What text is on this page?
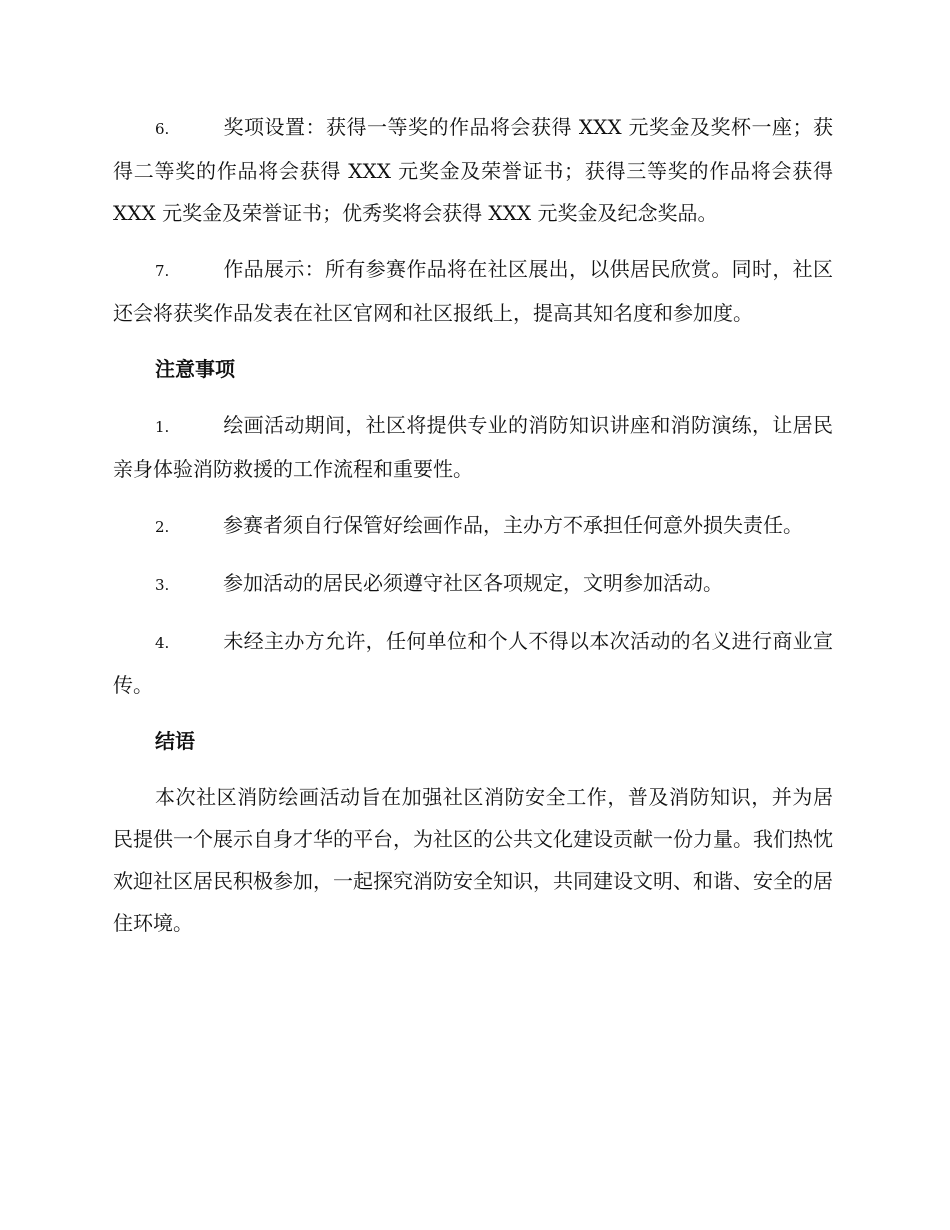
6.	奖项设置：获得一等奖的作品将会获得 XXX 元奖金及奖杯一座；获得二等奖的作品将会获得 XXX 元奖金及荣誉证书；获得三等奖的作品将会获得 XXX 元奖金及荣誉证书；优秀奖将会获得 XXX 元奖金及纪念奖品。

7.	作品展示：所有参赛作品将在社区展出，以供居民欣赏。同时，社区还会将获奖作品发表在社区官网和社区报纸上，提高其知名度和参加度。

注意事项

1.	绘画活动期间，社区将提供专业的消防知识讲座和消防演练，让居民亲身体验消防救援的工作流程和重要性。

2.	参赛者须自行保管好绘画作品，主办方不承担任何意外损失责任。

3.	参加活动的居民必须遵守社区各项规定，文明参加活动。

4.	未经主办方允许，任何单位和个人不得以本次活动的名义进行商业宣传。

结语

本次社区消防绘画活动旨在加强社区消防安全工作，普及消防知识，并为居民提供一个展示自身才华的平台，为社区的公共文化建设贡献一份力量。我们热忱欢迎社区居民积极参加，一起探究消防安全知识，共同建设文明、和谐、安全的居住环境。
